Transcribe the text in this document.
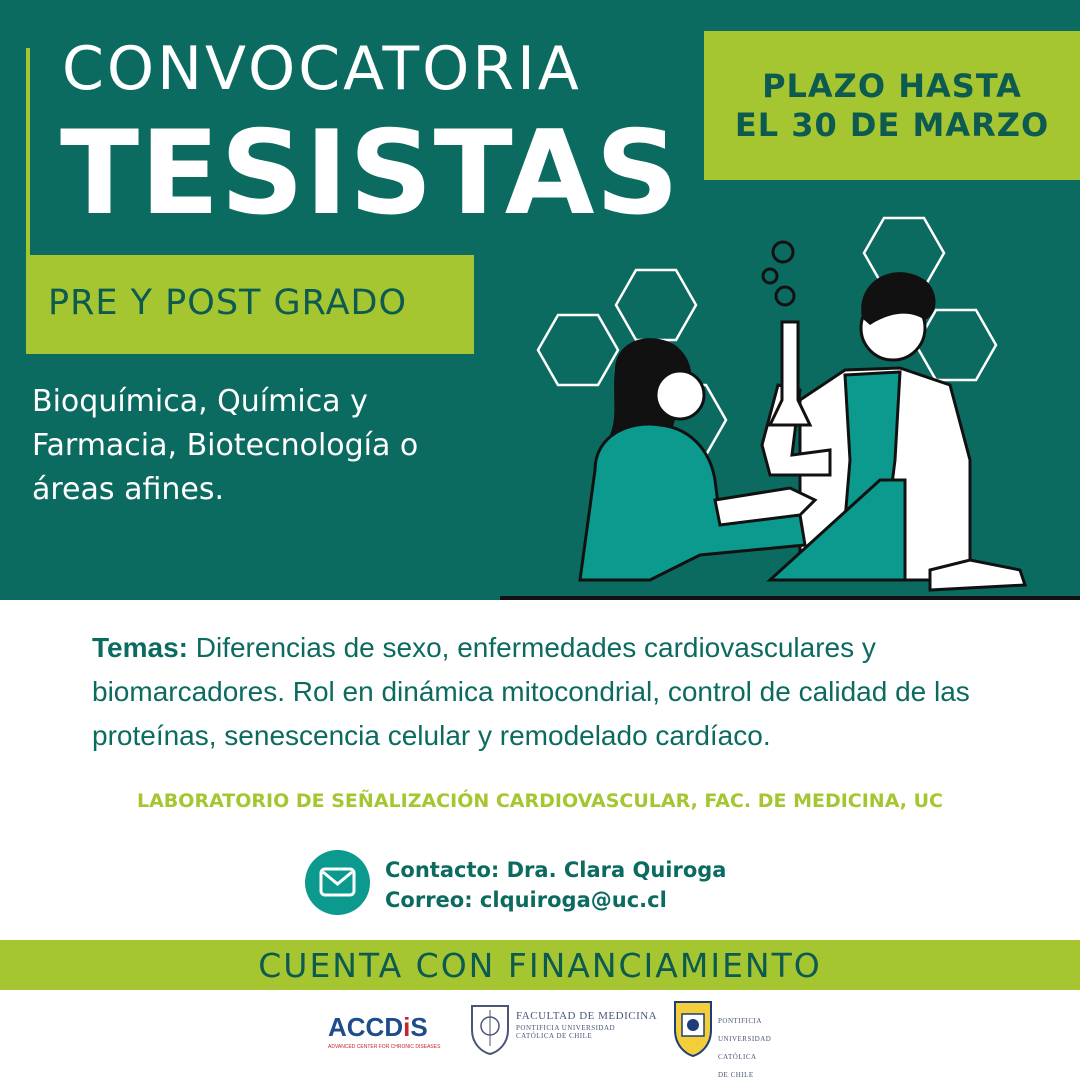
CONVOCATORIA
TESISTAS
PLAZO HASTA
EL 30 DE MARZO
PRE Y POST GRADO
Bioquímica, Química y Farmacia, Biotecnología o áreas afines.
Temas: Diferencias de sexo, enfermedades cardiovasculares y biomarcadores. Rol en dinámica mitocondrial, control de calidad de las proteínas, senescencia celular y remodelado cardíaco.
LABORATORIO DE SEÑALIZACIÓN CARDIOVASCULAR, FAC. DE MEDICINA, UC
Contacto: Dra. Clara Quiroga
Correo: clquiroga@uc.cl
CUENTA CON FINANCIAMIENTO
ACCDiS
ADVANCED CENTER FOR CHRONIC DISEASES
FACULTAD DE MEDICINA
PONTIFICIA UNIVERSIDAD
CATÓLICA DE CHILE

PONTIFICIA

UNIVERSIDAD

CATÓLICA

DE CHILE
